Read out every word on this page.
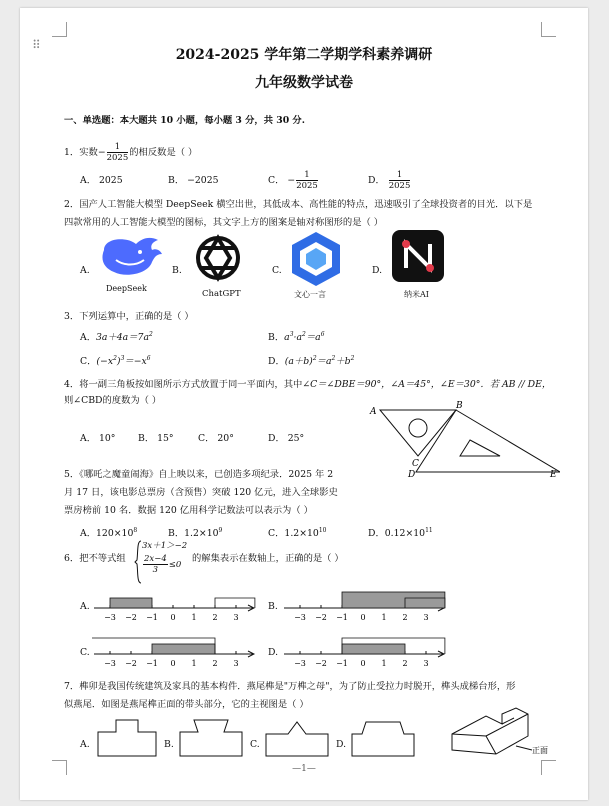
⠿
2024-2025 学年第二学期学科素养调研
九年级数学试卷
一、单选题：本大题共 10 小题，每小题 3 分，共 30 分.
1．实数− $\frac{1}{2025}$ 的相反数是（ ）
A． 2025	B． −2025	C． − $\frac{1}{2025}$	D． $\frac{1}{2025}$
2．国产人工智能大模型 DeepSeek 横空出世，其低成本、高性能的特点，迅速吸引了全球投资者的目光．以下是
四款常用的人工智能大模型的图标，其文字上方的图案是轴对称图形的是（ ）
A.
DeepSeek
B.
ChatGPT
C.
文心一言
D.
纳米AI
3．下列运算中，正确的是（ ）
A．$3a+4a=7a^2$	B．$a^3\cdot a^2=a^6$
C．$(-x^2)^3=-x^6$	D．$(a+b)^2=a^2+b^2$
4．将一副三角板按如图所示方式放置于同一平面内，其中∠C＝∠DBE＝90°，∠A＝45°，∠E＝30°．若 AB // DE，
则∠CBD的度数为（ ）
A． 10° B． 15°	C． 20°	D． 25°
A
B
C
D	E
5．《哪吒之魔童闹海》自上映以来，已创造多项纪录．2025 年 2
月 17 日，该电影总票房（含预售）突破 120 亿元，进入全球影史
票房榜前 10 名．数据 120 亿用科学记数法可以表示为（ ）
A．$120\times 10^8$	B．$1.2\times 10^9$	C．$1.2\times 10^{10}$	D．$0.12\times 10^{11}$
6．把不等式组
3x＋1＞−2
$\frac{2x-4}{3} \le 0$
的解集表示在数轴上，正确的是（ ）
A.	B.
C.	D.
−3 −2 −1 0 1 2 3	−3 −2 −1 0 1 2 3
−3 −2 −1 0 1 2 3	−3 −2 −1 0 1 2 3
7．榫卯是我国传统建筑及家具的基本构件．燕尾榫是"万榫之母"，为了防止受拉力时脱开，榫头成梯台形，形
似燕尾．如图是燕尾榫正面的带头部分，它的主视图是（ ）
A.	B.	C.	D.
正面
—1—
